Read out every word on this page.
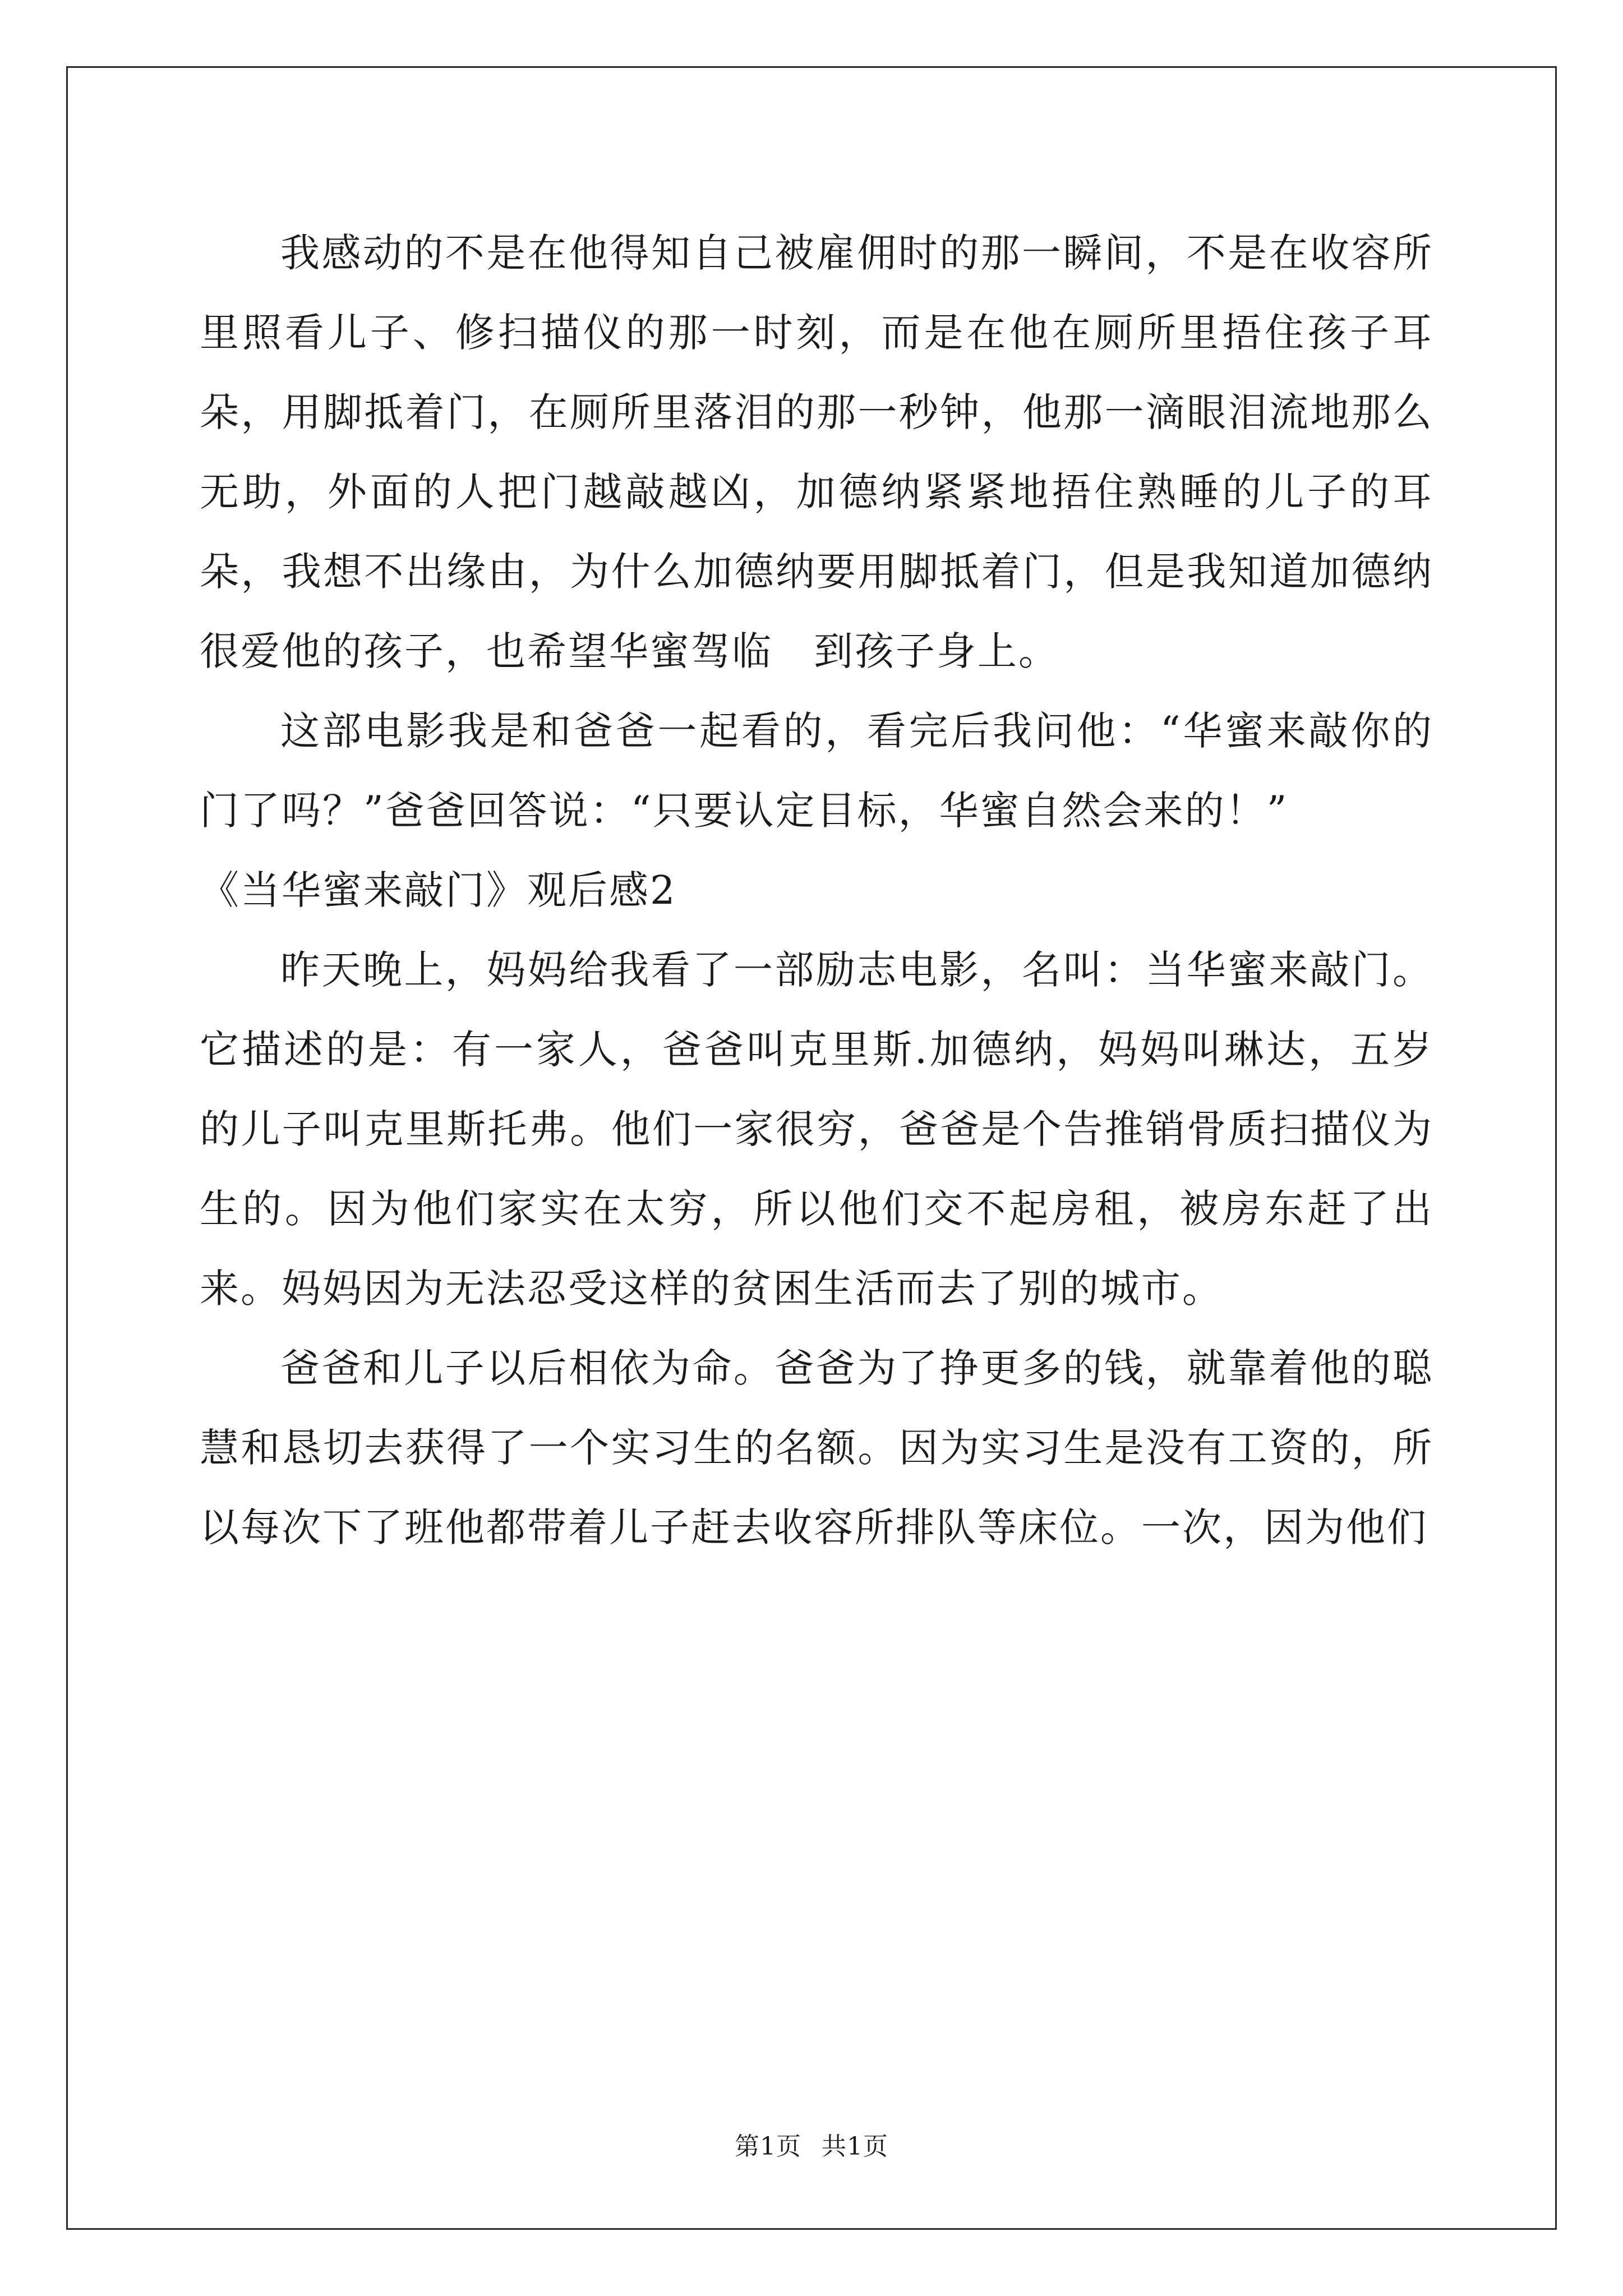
我感动的不是在他得知自己被雇佣时的那一瞬间，不是在收容所里照看儿子、修扫描仪的那一时刻，而是在他在厕所里捂住孩子耳朵，用脚抵着门，在厕所里落泪的那一秒钟，他那一滴眼泪流地那么无助，外面的人把门越敲越凶，加德纳紧紧地捂住熟睡的儿子的耳朵，我想不出缘由，为什么加德纳要用脚抵着门，但是我知道加德纳很爱他的孩子，也希望华蜜驾临　到孩子身上。

这部电影我是和爸爸一起看的，看完后我问他：“华蜜来敲你的门了吗？”爸爸回答说：“只要认定目标，华蜜自然会来的！”

《当华蜜来敲门》观后感2

昨天晚上，妈妈给我看了一部励志电影，名叫：当华蜜来敲门。它描述的是：有一家人，爸爸叫克里斯.加德纳，妈妈叫琳达，五岁的儿子叫克里斯托弗。他们一家很穷，爸爸是个告推销骨质扫描仪为生的。因为他们家实在太穷，所以他们交不起房租，被房东赶了出来。妈妈因为无法忍受这样的贫困生活而去了别的城市。

爸爸和儿子以后相依为命。爸爸为了挣更多的钱，就靠着他的聪慧和恳切去获得了一个实习生的名额。因为实习生是没有工资的，所以每次下了班他都带着儿子赶去收容所排队等床位。一次，因为他们

第1页 共1页
